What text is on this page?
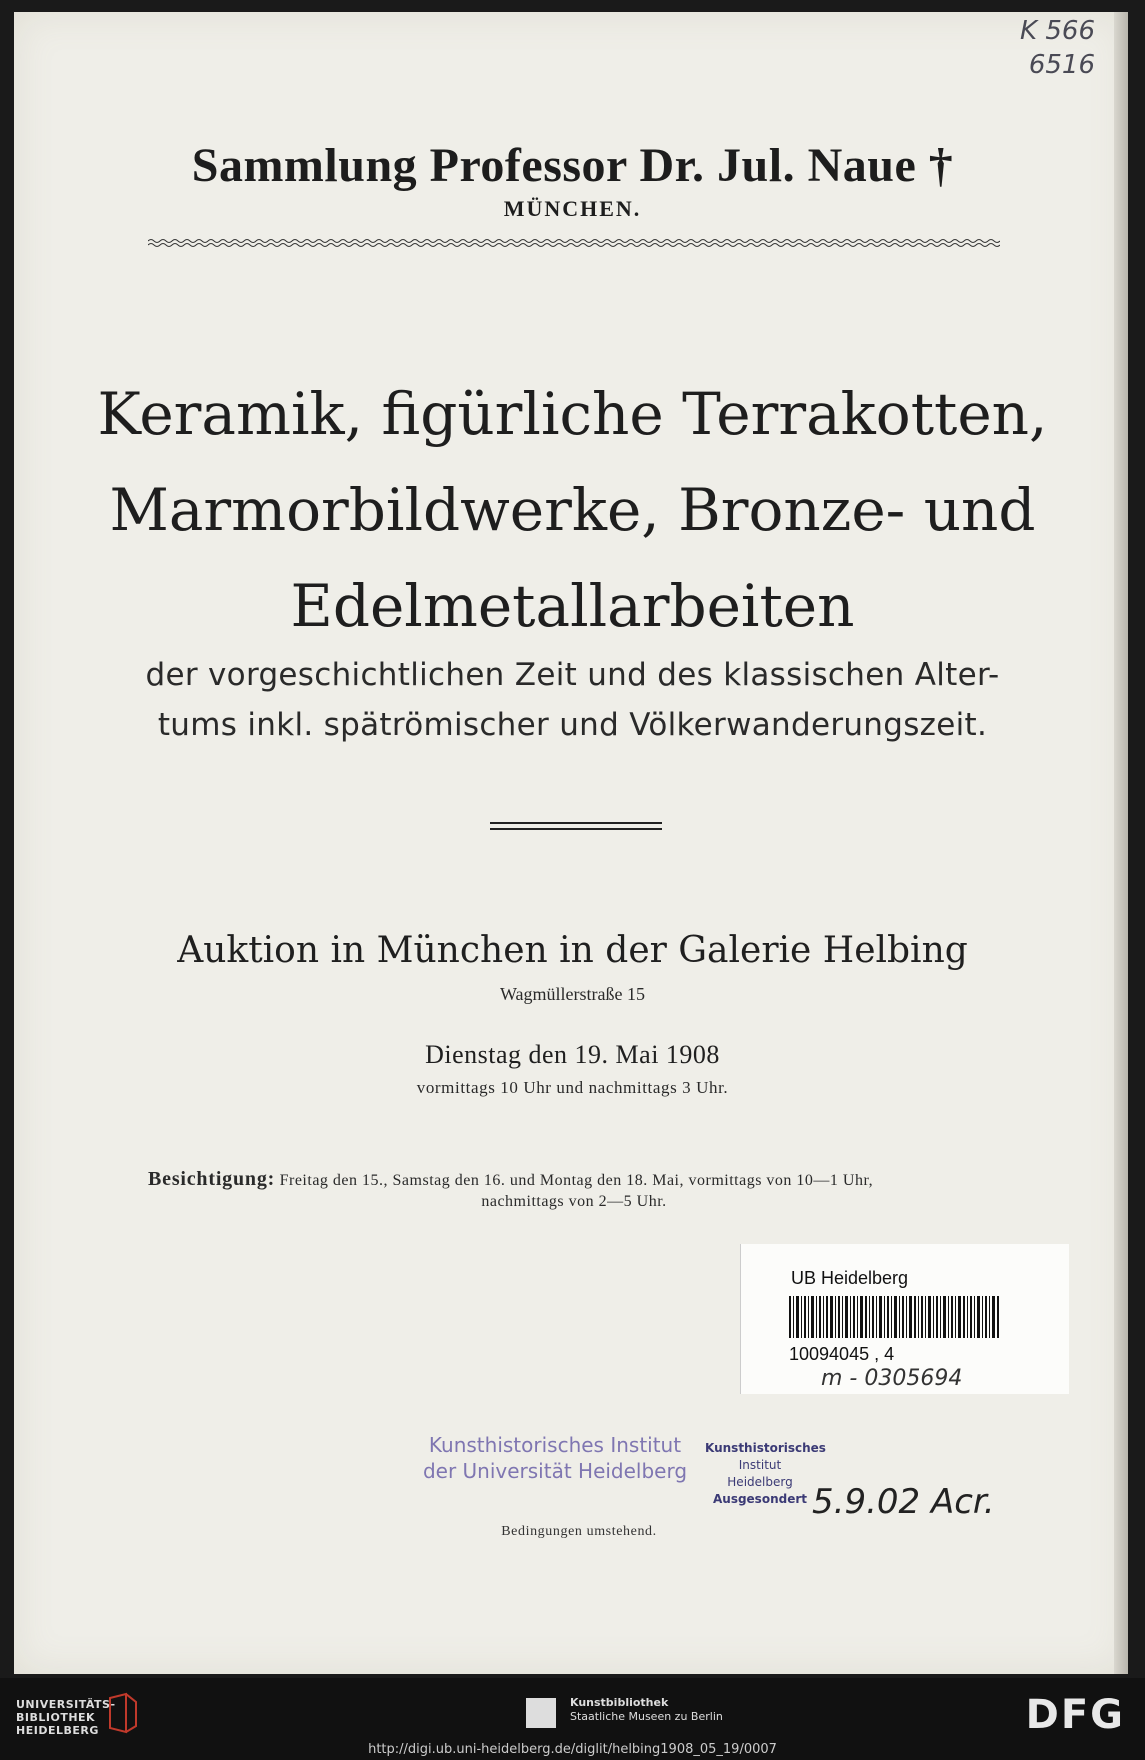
K 566
6516
Sammlung Professor Dr. Jul. Naue †
MÜNCHEN.
Keramik, figürliche Terrakotten,
Marmorbildwerke, Bronze- und
Edelmetallarbeiten
der vorgeschichtlichen Zeit und des klassischen Alter-
tums inkl. spätrömischer und Völkerwanderungszeit.
Auktion in München in der Galerie Helbing
Wagmüllerstraße 15
Dienstag den 19. Mai 1908
vormittags 10 Uhr und nachmittags 3 Uhr.
Besichtigung: Freitag den 15., Samstag den 16. und Montag den 18. Mai, vormittags von 10—1 Uhr,
nachmittags von 2—5 Uhr.
UB Heidelberg
10094045 , 4
m - 0305694
Kunsthistorisches Institut
der Universität Heidelberg
Kunsthistorisches
Institut
Heidelberg
Ausgesondert 5.9.02 Acr.
Bedingungen umstehend.
UNIVERSITÄTS-
BIBLIOTHEK
HEIDELBERG
Kunstbibliothek
Staatliche Museen zu Berlin	DFG
http://digi.ub.uni-heidelberg.de/diglit/helbing1908_05_19/0007
